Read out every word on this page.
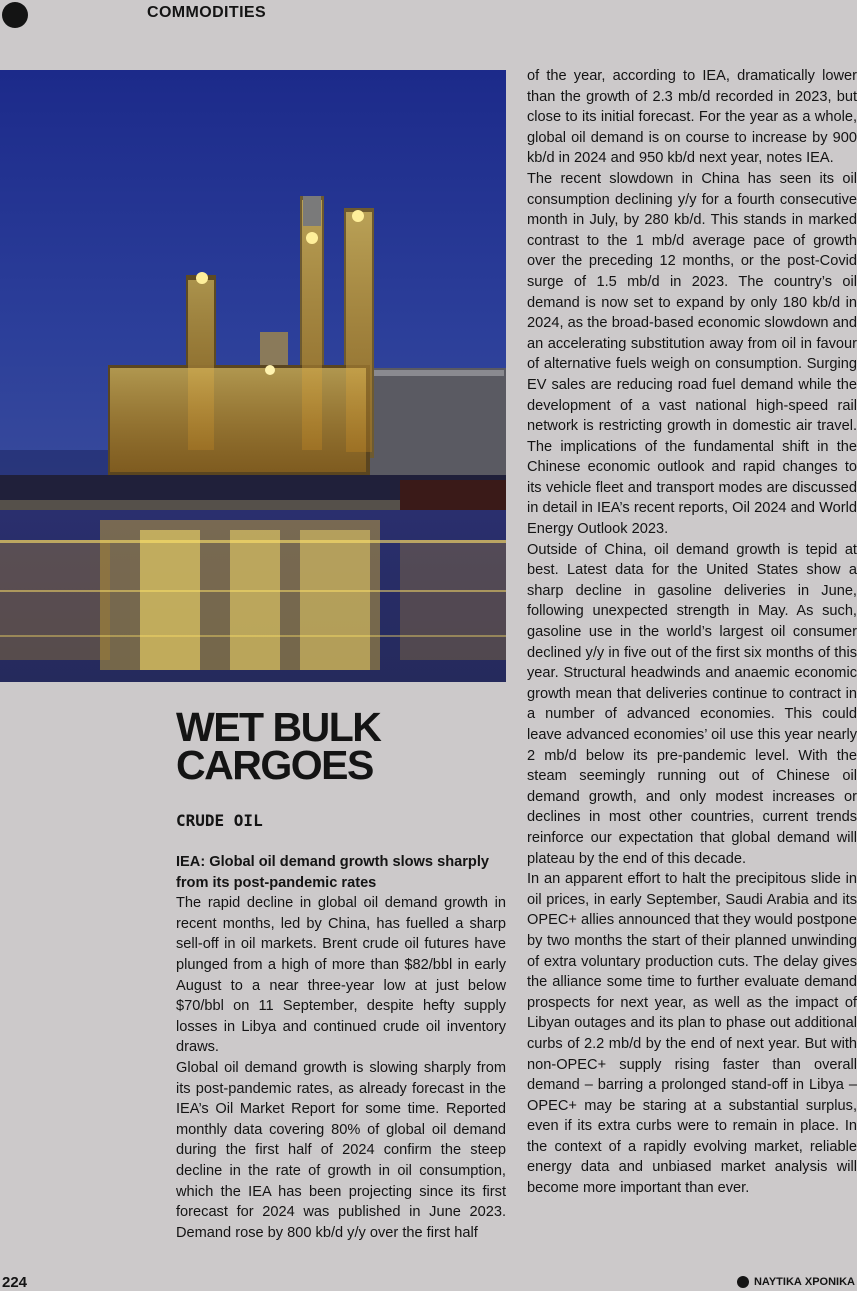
COMMODITIES
WET BULK CARGOES
CRUDE OIL

IEA: Global oil demand growth slows sharply from its post-pandemic rates

The rapid decline in global oil demand growth in recent months, led by China, has fuelled a sharp sell-off in oil markets. Brent crude oil futures have plunged from a high of more than $82/bbl in early August to a near three-year low at just below $70/bbl on 11 September, despite hefty supply losses in Libya and continued crude oil inventory draws.

Global oil demand growth is slowing sharply from its post-pandemic rates, as already forecast in the IEA’s Oil Market Report for some time. Reported monthly data covering 80% of global oil demand during the first half of 2024 confirm the steep decline in the rate of growth in oil consumption, which the IEA has been projecting since its first forecast for 2024 was published in June 2023. Demand rose by 800 kb/d y/y over the first half

of the year, according to IEA, dramatically lower than the growth of 2.3 mb/d recorded in 2023, but close to its initial forecast. For the year as a whole, global oil demand is on course to increase by 900 kb/d in 2024 and 950 kb/d next year, notes IEA.

The recent slowdown in China has seen its oil consumption declining y/y for a fourth consecutive month in July, by 280 kb/d. This stands in marked contrast to the 1 mb/d average pace of growth over the preceding 12 months, or the post-Covid surge of 1.5 mb/d in 2023. The country’s oil demand is now set to expand by only 180 kb/d in 2024, as the broad-based economic slowdown and an accelerating substitution away from oil in favour of alternative fuels weigh on consumption. Surging EV sales are reducing road fuel demand while the development of a vast national high-speed rail network is restricting growth in domestic air travel. The implications of the fundamental shift in the Chinese economic outlook and rapid changes to its vehicle fleet and transport modes are discussed in detail in IEA’s recent reports, Oil 2024 and World Energy Outlook 2023.

Outside of China, oil demand growth is tepid at best. Latest data for the United States show a sharp decline in gasoline deliveries in June, following unexpected strength in May. As such, gasoline use in the world’s largest oil consumer declined y/y in five out of the first six months of this year. Structural headwinds and anaemic economic growth mean that deliveries continue to contract in a number of advanced economies. This could leave advanced economies’ oil use this year nearly 2 mb/d below its pre-pandemic level. With the steam seemingly running out of Chinese oil demand growth, and only modest increases or declines in most other countries, current trends reinforce our expectation that global demand will plateau by the end of this decade.

In an apparent effort to halt the precipitous slide in oil prices, in early September, Saudi Arabia and its OPEC+ allies announced that they would postpone by two months the start of their planned unwinding of extra voluntary production cuts. The delay gives the alliance some time to further evaluate demand prospects for next year, as well as the impact of Libyan outages and its plan to phase out additional curbs of 2.2 mb/d by the end of next year. But with non-OPEC+ supply rising faster than overall demand – barring a prolonged stand-off in Libya – OPEC+ may be staring at a substantial surplus, even if its extra curbs were to remain in place. In the context of a rapidly evolving market, reliable energy data and unbiased market analysis will become more important than ever.

224	ΝΑΥΤΙΚΑ ΧΡΟΝΙΚΑ
